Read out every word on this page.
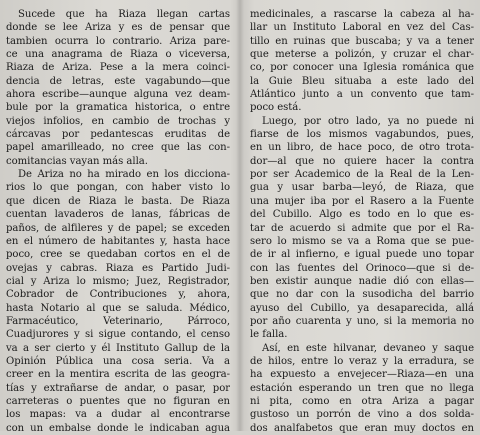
Sucede que ha Riaza llegan cartas
donde se lee Ariza y es de pensar que
tambien ocurra lo contrario. Ariza pare-
ce una anagrama de Riaza o viceversa,
Riaza de Ariza. Pese a la mera coinci-
dencia de letras, este vagabundo—que
ahora escribe—aunque alguna vez deam-
bule por la gramatica historica, o entre
viejos infolios, en cambio de trochas y
cárcavas por pedantescas eruditas de
papel amarilleado, no cree que las con-
comitancias vayan más alla.
De Ariza no ha mirado en los dicciona-
rios lo que pongan, con haber visto lo
que dicen de Riaza le basta. De Riaza
cuentan lavaderos de lanas, fábricas de
paños, de alfileres y de papel; se exceden
en el número de habitantes y, hasta hace
poco, cree se quedaban cortos en el de
ovejas y cabras. Riaza es Partido Judi-
cial y Ariza lo mismo; Juez, Registrador,
Cobrador de Contribuciones y, ahora,
hasta Notario al que se saluda. Médico,
Farmacéutico, Veterinario, Párroco,
Cuadjurores y si sigue contando, el censo
va a ser cierto y él Instituto Gallup de la
Opinión Pública una cosa seria. Va a
creer en la mentira escrita de las geogra-
tías y extrañarse de andar, o pasar, por
carreteras o puentes que no figuran en
los mapas: va a dudar al encontrarse
con un embalse donde le indicaban agua
medicinales, a rascarse la cabeza al ha-
llar un Instituto Laboral en vez del Cas-
tillo en ruinas que buscaba; y va a tener
que meterse a polizón, y cruzar el char-
co, por conocer una Iglesia románica que
la Guie Bleu situaba a este lado del
Atlántico junto a un convento que tam-
poco está.
Luego, por otro lado, ya no puede ni
fiarse de los mismos vagabundos, pues,
en un libro, de hace poco, de otro trota-
dor—al que no quiere hacer la contra
por ser Academico de la Real de la Len-
gua y usar barba—leyó, de Riaza, que
una mujer iba por el Rasero a la Fuente
del Cubillo. Algo es todo en lo que es-
tar de acuerdo si admite que por el Ra-
sero lo mismo se va a Roma que se pue-
de ir al infierno, e igual puede uno topar
con las fuentes del Orinoco—que si de-
ben existir aunque nadie dió con ellas—
que no dar con la susodicha del barrio
ayuso del Cubillo, ya desaparecida, allá
por año cuarenta y uno, si la memoria no
le falla.
Así, en este hilvanar, devaneo y saque
de hilos, entre lo veraz y la erradura, se
ha expuesto a envejecer—Riaza—en una
estación esperando un tren que no llega
ni pita, como en otra Ariza a pagar
gustoso un porrón de vino a dos solda-
dos analfabetos que eran muy doctos en
